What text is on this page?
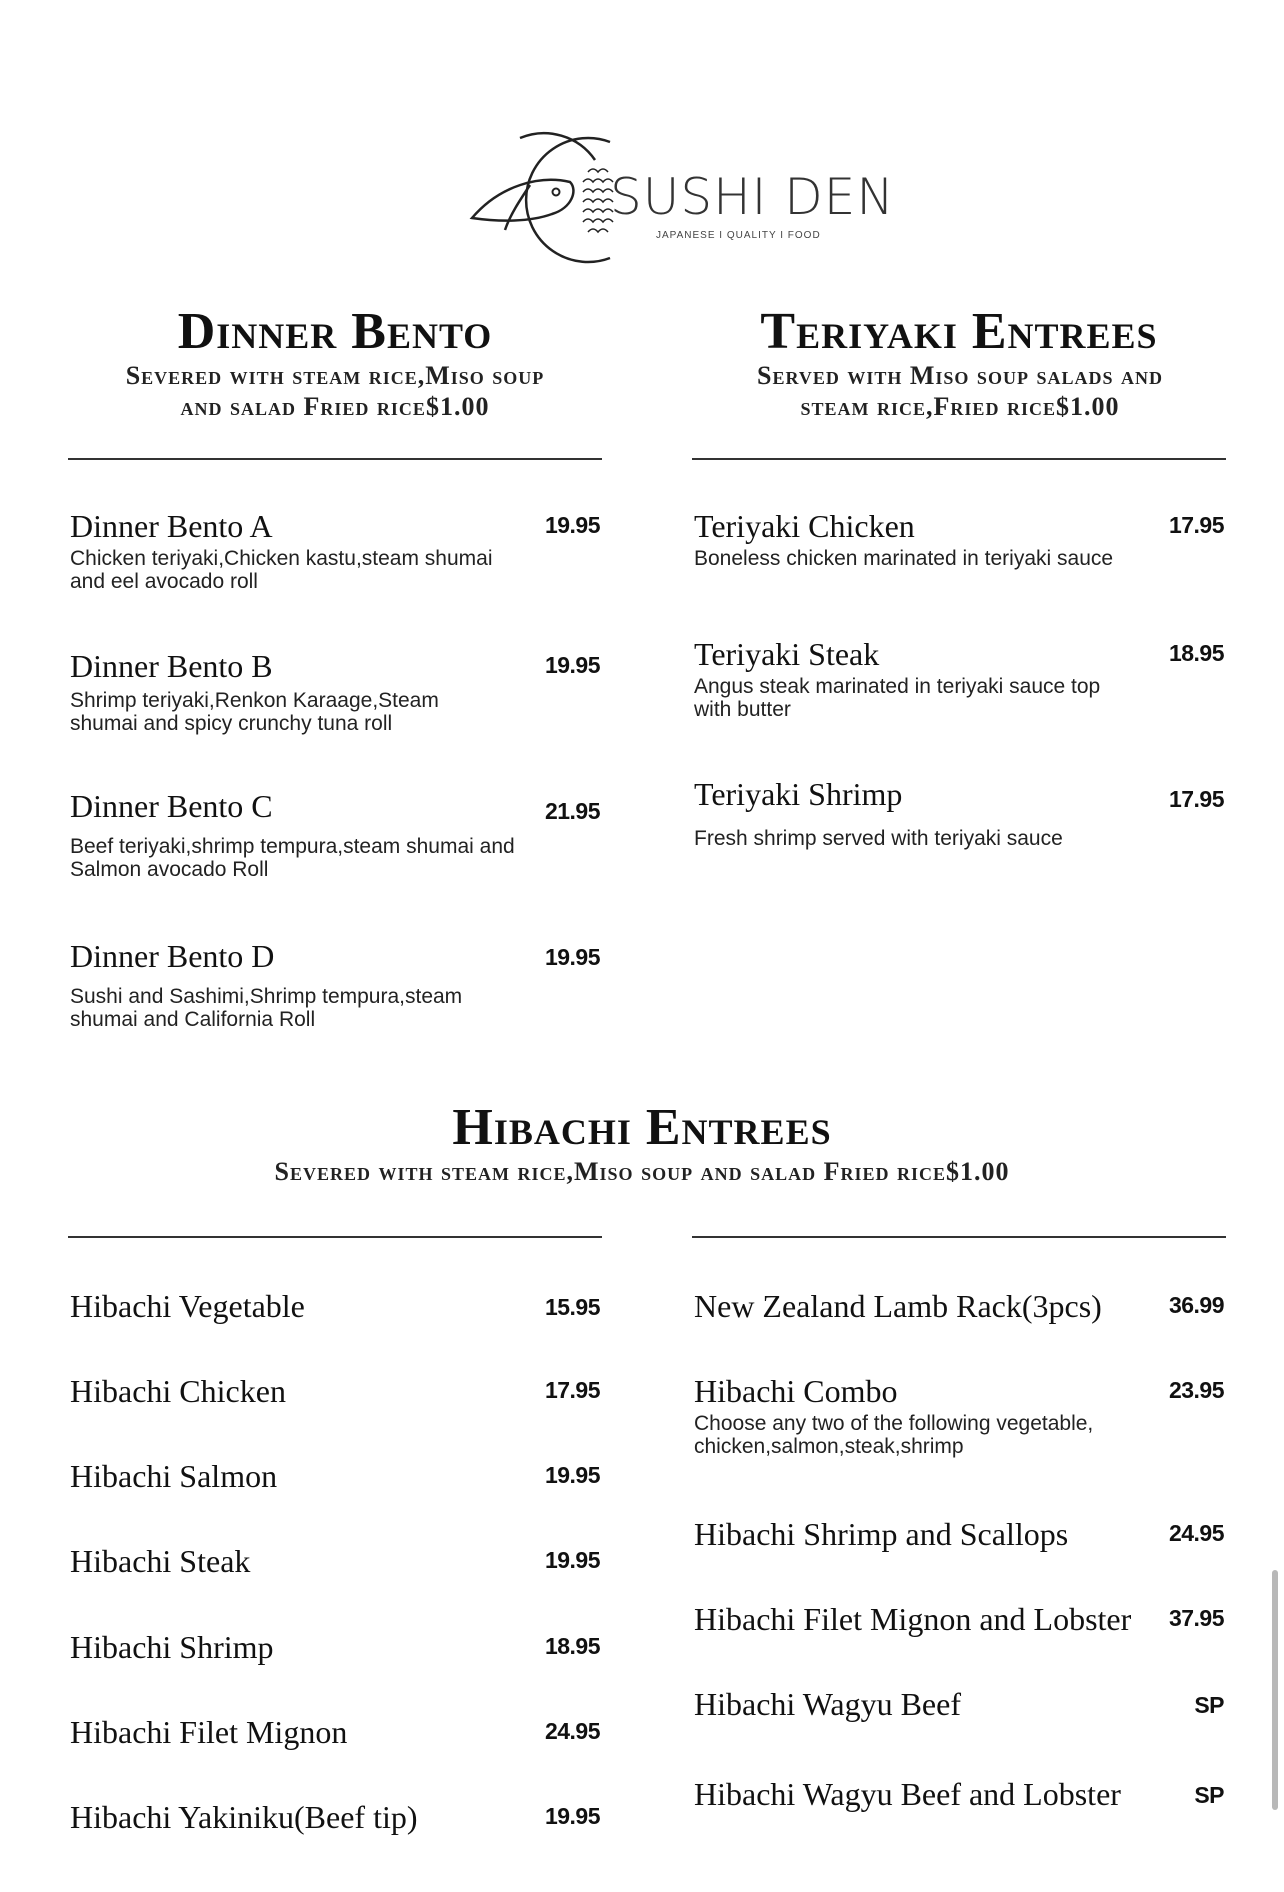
SUSHI DEN
JAPANESE I QUALITY I FOOD
Dinner Bento
Severed with steam rice,Miso soup
and salad Fried rice$1.00
Teriyaki Entrees
Served with Miso soup salads and
steam rice,Fried rice$1.00
Dinner Bento A	19.95
Chicken teriyaki,Chicken kastu,steam shumai
and eel avocado roll
Dinner Bento B	19.95
Shrimp teriyaki,Renkon Karaage,Steam
shumai and spicy crunchy tuna roll
Dinner Bento C	21.95
Beef teriyaki,shrimp tempura,steam shumai and
Salmon avocado Roll
Dinner Bento D	19.95
Sushi and Sashimi,Shrimp tempura,steam
shumai and California Roll
Teriyaki Chicken	17.95
Boneless chicken marinated in teriyaki sauce
Teriyaki Steak	18.95
Angus steak marinated in teriyaki sauce top
with butter
Teriyaki Shrimp	17.95
Fresh shrimp served with teriyaki sauce
Hibachi Entrees
Severed with steam rice,Miso soup and salad Fried rice$1.00
Hibachi Vegetable	15.95
Hibachi Chicken	17.95
Hibachi Salmon	19.95
Hibachi Steak	19.95
Hibachi Shrimp	18.95
Hibachi Filet Mignon	24.95
Hibachi Yakiniku(Beef tip)	19.95
New Zealand Lamb Rack(3pcs)	36.99
Hibachi Combo	23.95
Choose any two of the following vegetable,
chicken,salmon,steak,shrimp
Hibachi Shrimp and Scallops	24.95
Hibachi Filet Mignon and Lobster	37.95
Hibachi Wagyu Beef	SP
Hibachi Wagyu Beef and Lobster	SP
